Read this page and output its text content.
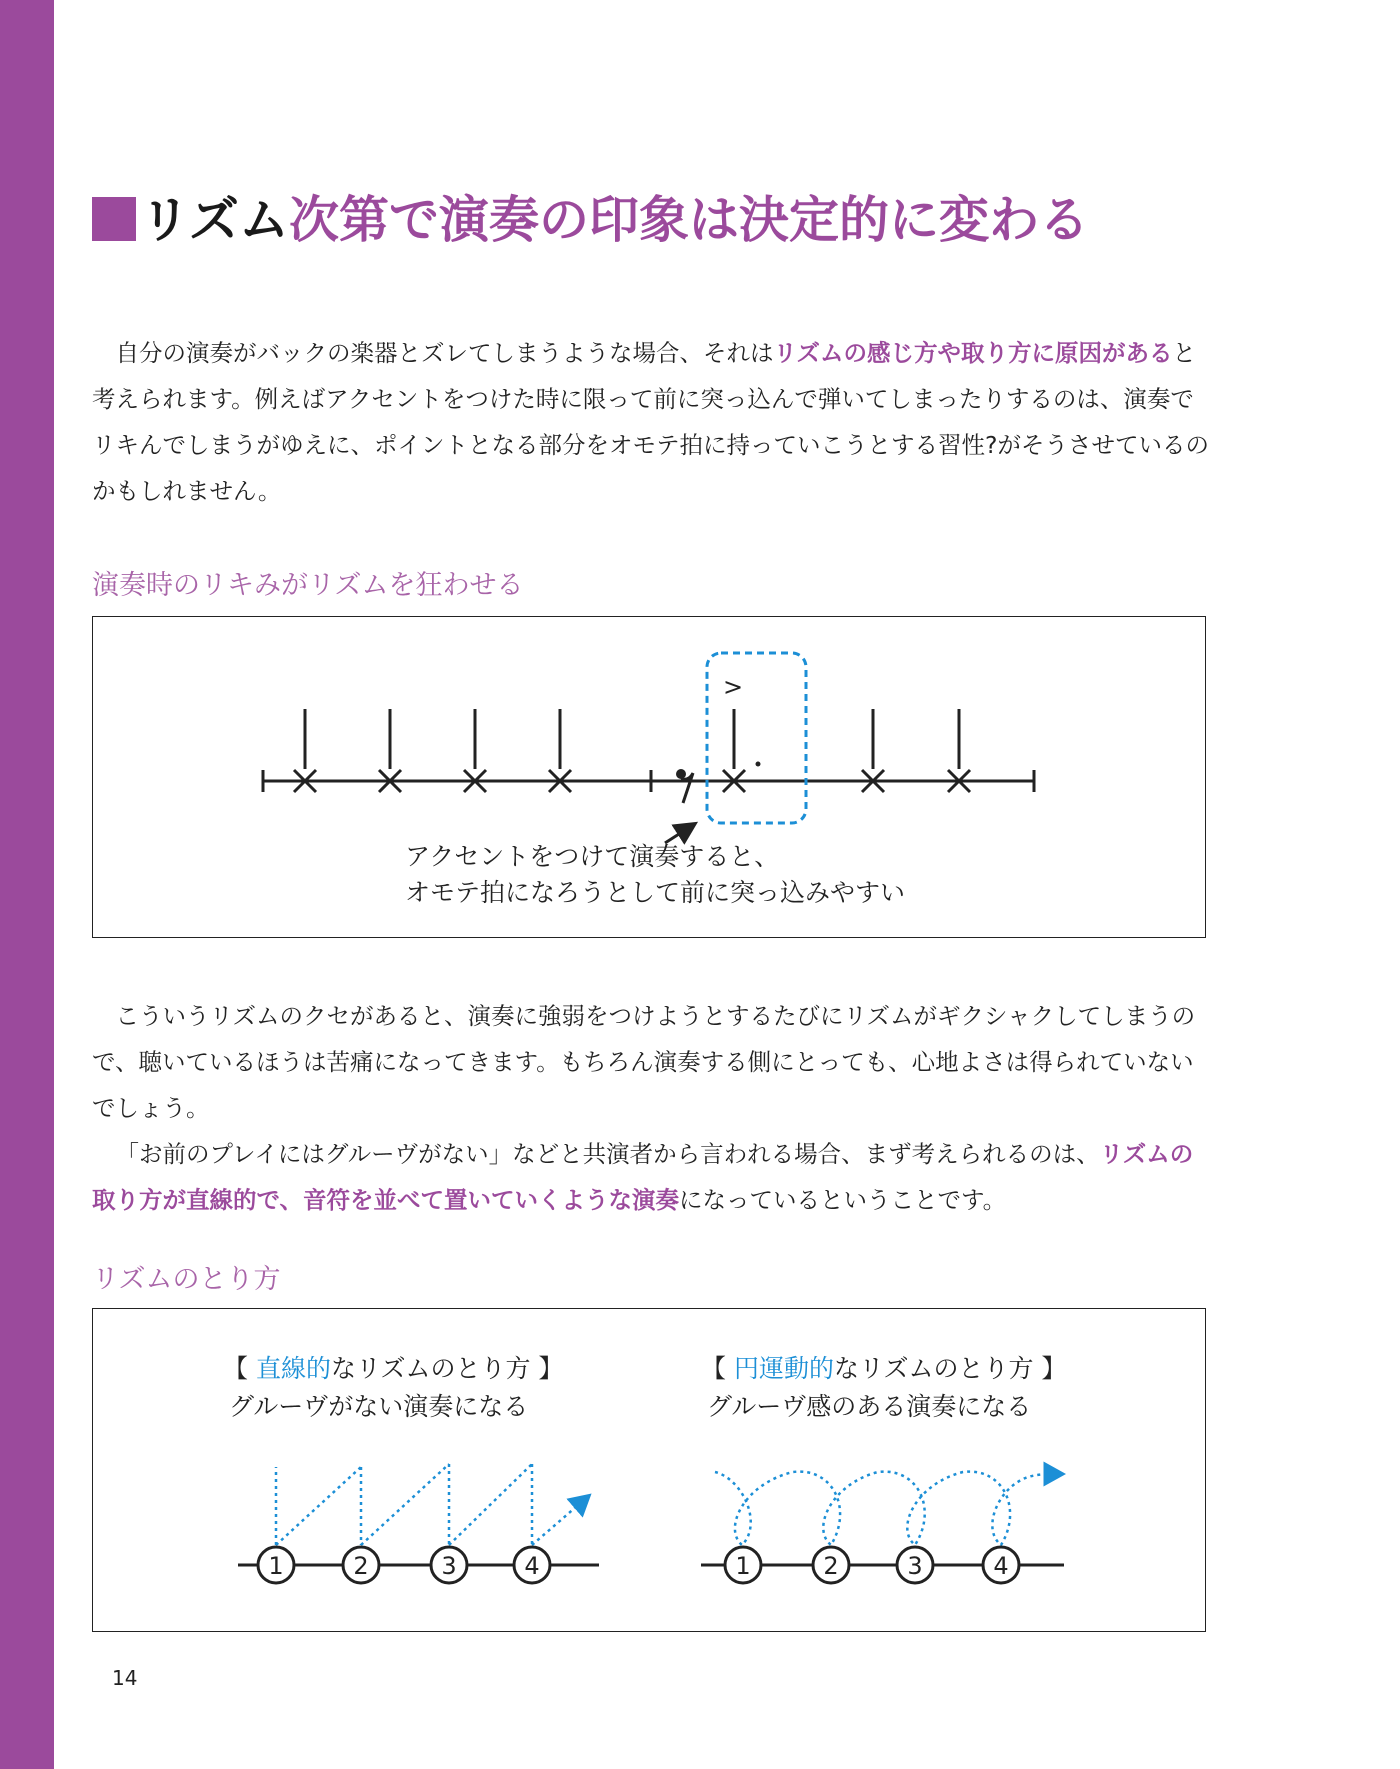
リズム次第で演奏の印象は決定的に変わる
自分の演奏がバックの楽器とズレてしまうような場合、それはリズムの感じ方や取り方に原因があると考えられます。例えばアクセントをつけた時に限って前に突っ込んで弾いてしまったりするのは、演奏でリキんでしまうがゆえに、ポイントとなる部分をオモテ拍に持っていこうとする習性?がそうさせているのかもしれません。
演奏時のリキみがリズムを狂わせる
>
アクセントをつけて演奏すると、
オモテ拍になろうとして前に突っ込みやすい
こういうリズムのクセがあると、演奏に強弱をつけようとするたびにリズムがギクシャクしてしまうので、聴いているほうは苦痛になってきます。もちろん演奏する側にとっても、心地よさは得られていないでしょう。
「お前のプレイにはグルーヴがない」などと共演者から言われる場合、まず考えられるのは、リズムの取り方が直線的で、音符を並べて置いていくような演奏になっているということです。
リズムのとり方
【 直線的なリズムのとり方 】
グルーヴがない演奏になる
【 円運動的なリズムのとり方 】
グルーヴ感のある演奏になる
1	2	3	4	1	2	3	4
14
